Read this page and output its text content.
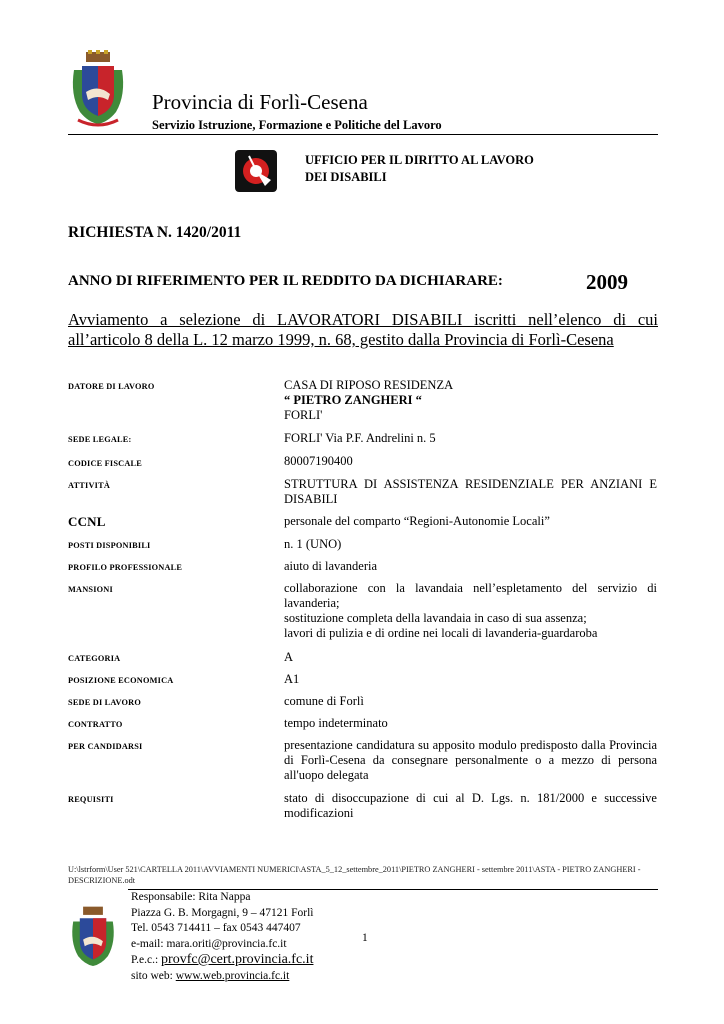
Provincia di Forlì-Cesena
Servizio Istruzione, Formazione e Politiche del Lavoro
UFFICIO PER IL DIRITTO AL LAVORO
DEI DISABILI
RICHIESTA N. 1420/2011
ANNO DI RIFERIMENTO PER IL REDDITO DA DICHIARARE:	2009
Avviamento a selezione di LAVORATORI DISABILI iscritti nell’elenco di cui
all’articolo 8 della L. 12 marzo 1999, n. 68, gestito dalla Provincia di Forlì-Cesena
DATORE DI LAVORO	CASA DI RIPOSO RESIDENZA
“ PIETRO ZANGHERI “
FORLI'
SEDE LEGALE:	FORLI' Via P.F. Andrelini n. 5
CODICE FISCALE	80007190400
ATTIVITÀ	STRUTTURA DI ASSISTENZA RESIDENZIALE PER ANZIANI E DISABILI
CCNL	personale del comparto “Regioni-Autonomie Locali”
POSTI DISPONIBILI	n. 1 (UNO)
PROFILO PROFESSIONALE	aiuto di lavanderia
MANSIONI	collaborazione con la lavandaia nell’espletamento del servizio di lavanderia;
sostituzione completa della lavandaia in caso di sua assenza;
lavori di pulizia e di ordine nei locali di lavanderia-guardaroba
CATEGORIA	A
POSIZIONE ECONOMICA	A1
SEDE DI LAVORO	comune di Forlì
CONTRATTO	tempo indeterminato
PER CANDIDARSI	presentazione candidatura su apposito modulo predisposto dalla Provincia di Forlì-Cesena da consegnare personalmente o a mezzo di persona all'uopo delegata
REQUISITI	stato di disoccupazione di cui al D. Lgs. n. 181/2000 e successive modificazioni
U:\lstrform\User 521\CARTELLA 2011\AVVIAMENTI NUMERICI\ASTA_5_12_settembre_2011\PIETRO ZANGHERI - settembre 2011\ASTA - PIETRO ZANGHERI - DESCRIZIONE.odt
Responsabile: Rita Nappa
Piazza G. B. Morgagni, 9 – 47121 Forlì
Tel. 0543 714411 – fax 0543 447407
e-mail: mara.oriti@provincia.fc.it
P.e.c.: provfc@cert.provincia.fc.it
sito web: www.web.provincia.fc.it
1
